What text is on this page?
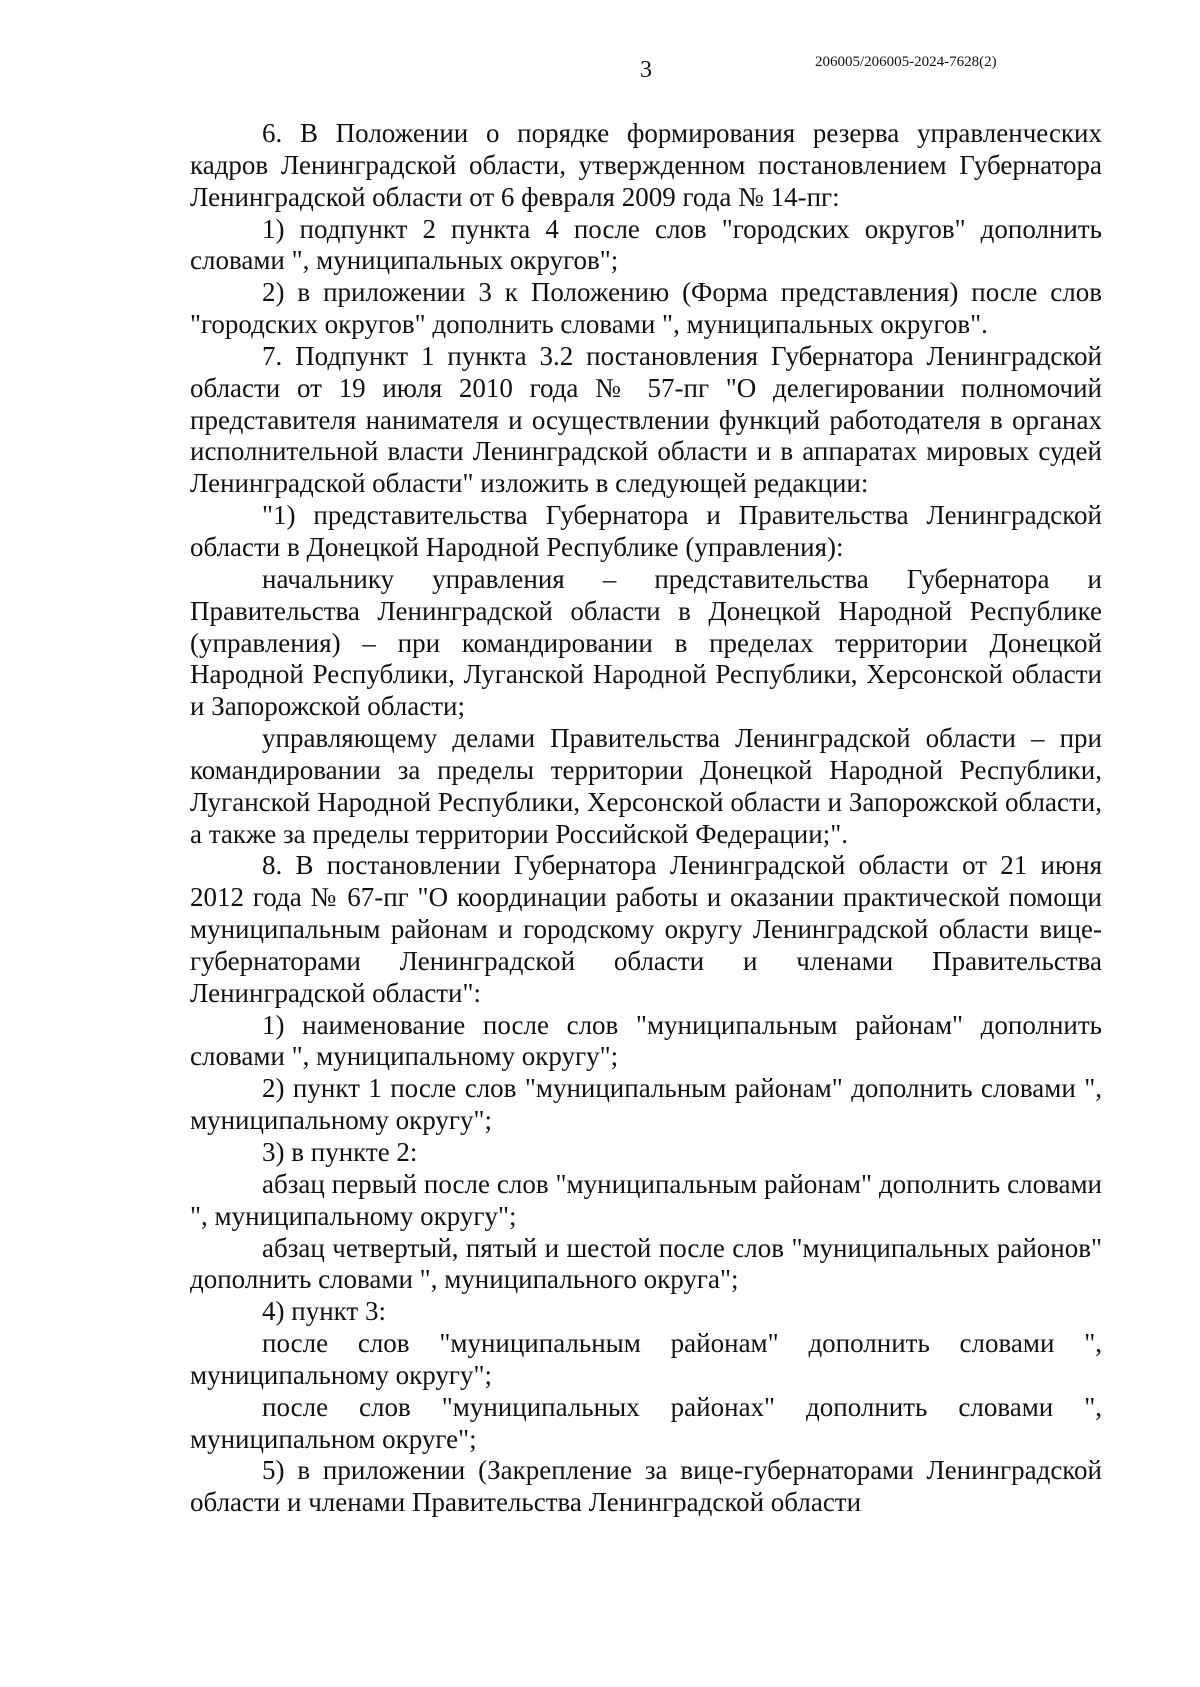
3	206005/206005-2024-7628(2)

6. В Положении о порядке формирования резерва управленческих кадров Ленинградской области, утвержденном постановлением Губернатора Ленинградской области от 6 февраля 2009 года № 14-пг:

1) подпункт 2 пункта 4 после слов "городских округов" дополнить словами ", муниципальных округов";

2) в приложении 3 к Положению (Форма представления) после слов "городских округов" дополнить словами ", муниципальных округов".

7. Подпункт 1 пункта 3.2 постановления Губернатора Ленинградской области от 19 июля 2010 года № 57-пг "О делегировании полномочий представителя нанимателя и осуществлении функций работодателя в органах исполнительной власти Ленинградской области и в аппаратах мировых судей Ленинградской области" изложить в следующей редакции:

"1) представительства Губернатора и Правительства Ленинградской области в Донецкой Народной Республике (управления):

начальнику управления – представительства Губернатора и Правительства Ленинградской области в Донецкой Народной Республике (управления) – при командировании в пределах территории Донецкой Народной Республики, Луганской Народной Республики, Херсонской области и Запорожской области;

управляющему делами Правительства Ленинградской области – при командировании за пределы территории Донецкой Народной Республики, Луганской Народной Республики, Херсонской области и Запорожской области, а также за пределы территории Российской Федерации;".

8. В постановлении Губернатора Ленинградской области от 21 июня 2012 года № 67-пг "О координации работы и оказании практической помощи муниципальным районам и городскому округу Ленинградской области вице-губернаторами Ленинградской области и членами Правительства Ленинградской области":

1) наименование после слов "муниципальным районам" дополнить словами ", муниципальному округу";

2) пункт 1 после слов "муниципальным районам" дополнить словами ", муниципальному округу";

3) в пункте 2:

абзац первый после слов "муниципальным районам" дополнить словами ", муниципальному округу";

абзац четвертый, пятый и шестой после слов "муниципальных районов" дополнить словами ", муниципального округа";

4) пункт 3:

после слов "муниципальным районам" дополнить словами ", муниципальному округу";

после слов "муниципальных районах" дополнить словами ", муниципальном округе";

5) в приложении (Закрепление за вице-губернаторами Ленинградской области и членами Правительства Ленинградской области
